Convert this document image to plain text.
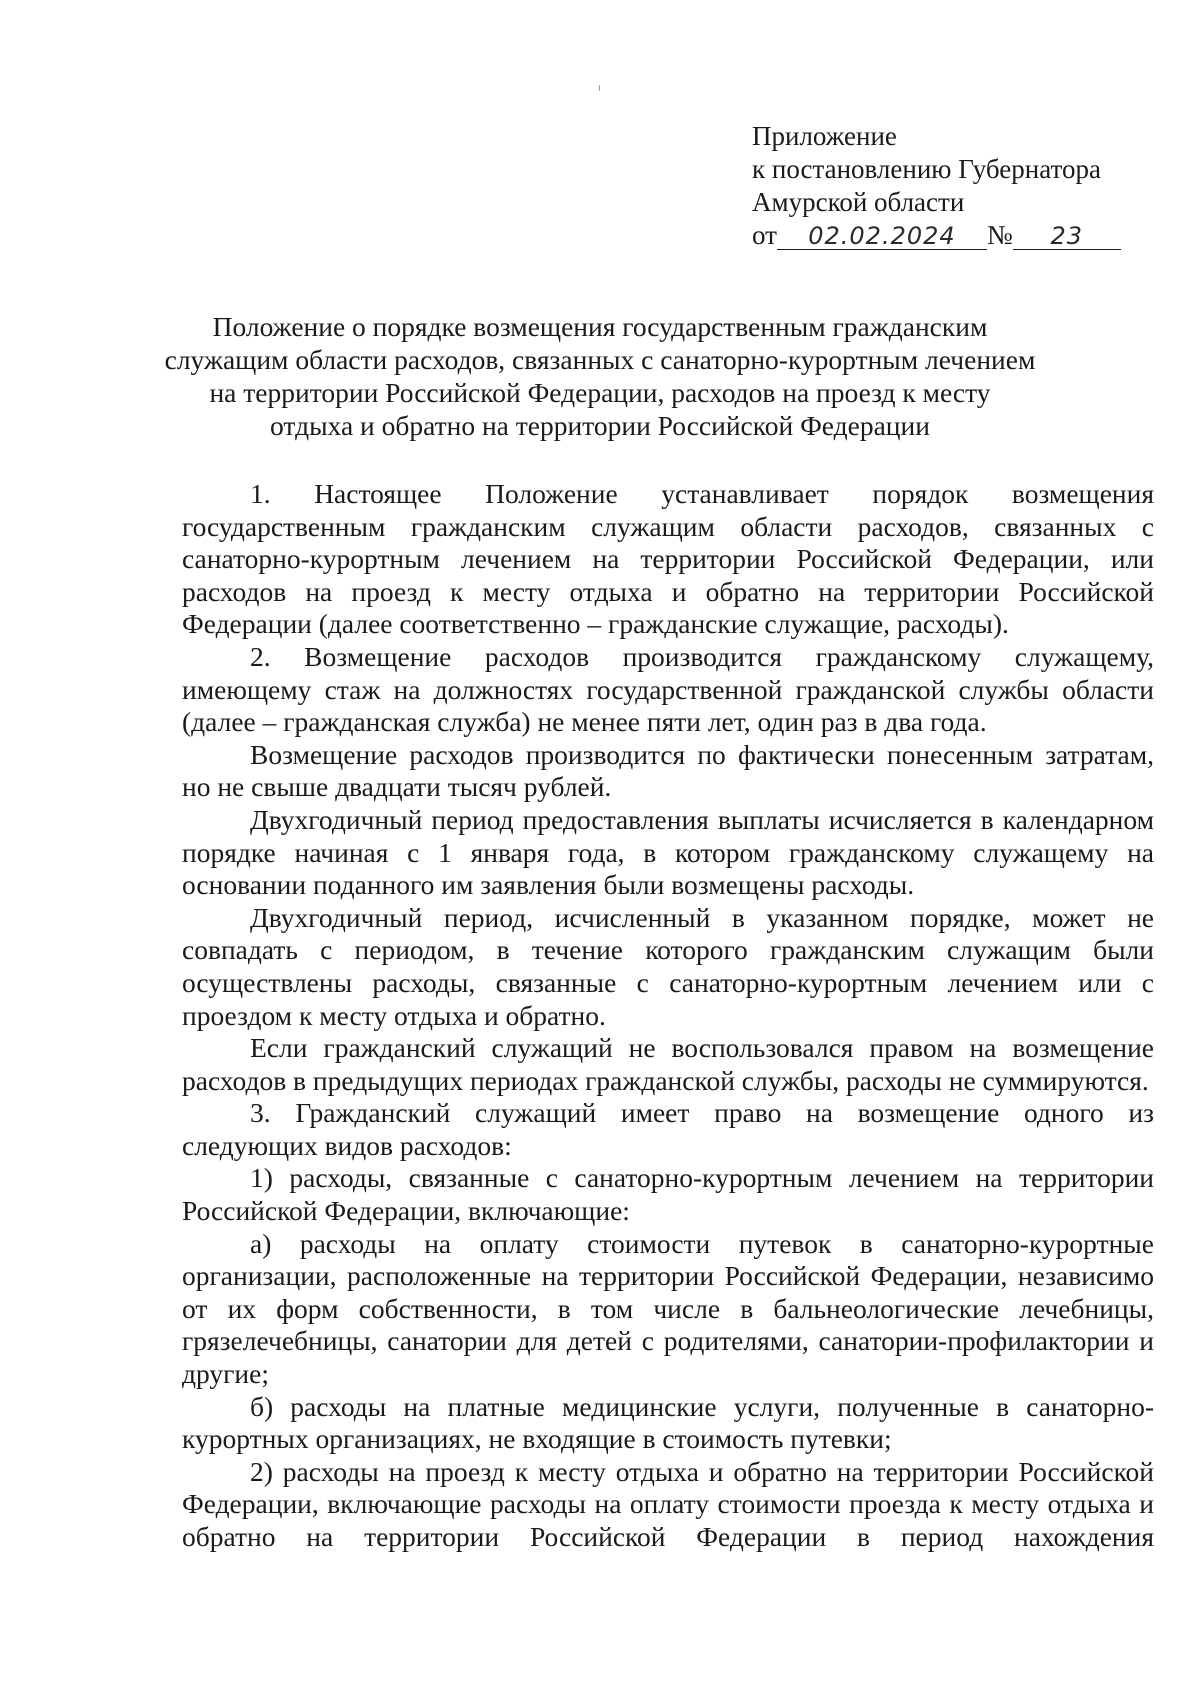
Приложение
к постановлению Губернатора
Амурской области
от 02.02.2024 № 23
Положение о порядке возмещения государственным гражданским
служащим области расходов, связанных с санаторно-курортным лечением
на территории Российской Федерации, расходов на проезд к месту
отдыха и обратно на территории Российской Федерации

1. Настоящее Положение устанавливает порядок возмещения государственным гражданским служащим области расходов, связанных с санаторно-курортным лечением на территории Российской Федерации, или расходов на проезд к месту отдыха и обратно на территории Российской Федерации (далее соответственно – гражданские служащие, расходы).

2. Возмещение расходов производится гражданскому служащему, имеющему стаж на должностях государственной гражданской службы области (далее – гражданская служба) не менее пяти лет, один раз в два года.

Возмещение расходов производится по фактически понесенным затратам, но не свыше двадцати тысяч рублей.

Двухгодичный период предоставления выплаты исчисляется в календарном порядке начиная с 1 января года, в котором гражданскому служащему на основании поданного им заявления были возмещены расходы.

Двухгодичный период, исчисленный в указанном порядке, может не совпадать с периодом, в течение которого гражданским служащим были осуществлены расходы, связанные с санаторно-курортным лечением или с проездом к месту отдыха и обратно.

Если гражданский служащий не воспользовался правом на возмещение расходов в предыдущих периодах гражданской службы, расходы не суммируются.

3. Гражданский служащий имеет право на возмещение одного из следующих видов расходов:

1) расходы, связанные с санаторно-курортным лечением на территории Российской Федерации, включающие:

а) расходы на оплату стоимости путевок в санаторно-курортные организации, расположенные на территории Российской Федерации, независимо от их форм собственности, в том числе в бальнеологические лечебницы, грязелечебницы, санатории для детей с родителями, санатории-профилактории и другие;

б) расходы на платные медицинские услуги, полученные в санаторно-курортных организациях, не входящие в стоимость путевки;

2) расходы на проезд к месту отдыха и обратно на территории Российской Федерации, включающие расходы на оплату стоимости проезда к месту отдыха и обратно на территории Российской Федерации в период нахождения
